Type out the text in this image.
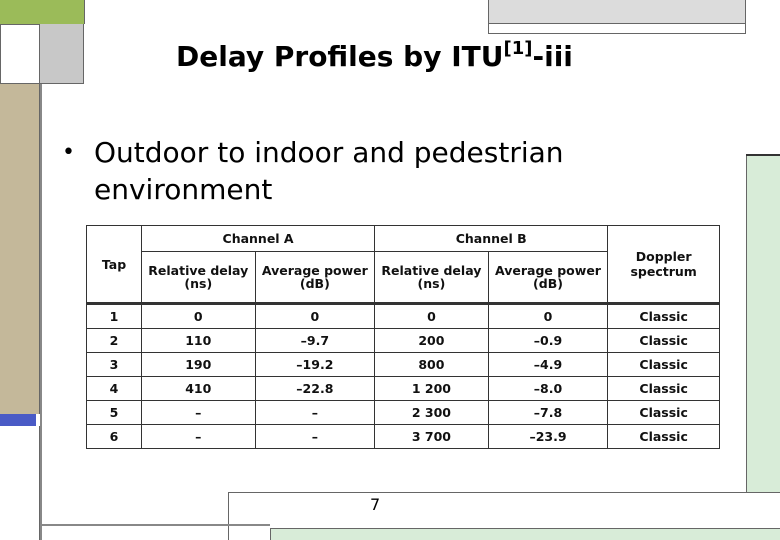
Delay Profiles by ITU[1]-iii
• Outdoor to indoor and pedestrian environment
Tap	Channel A		Channel B		Doppler spectrum
	Relative delay (ns)	Average power (dB)	Relative delay (ns)	Average power (dB)	
1	0	0	0	0	Classic
2	110	–9.7	200	–0.9	Classic
3	190	–19.2	800	–4.9	Classic
4	410	–22.8	1 200	–8.0	Classic
5	–	–	2 300	–7.8	Classic
6	–	–	3 700	–23.9	Classic
7
